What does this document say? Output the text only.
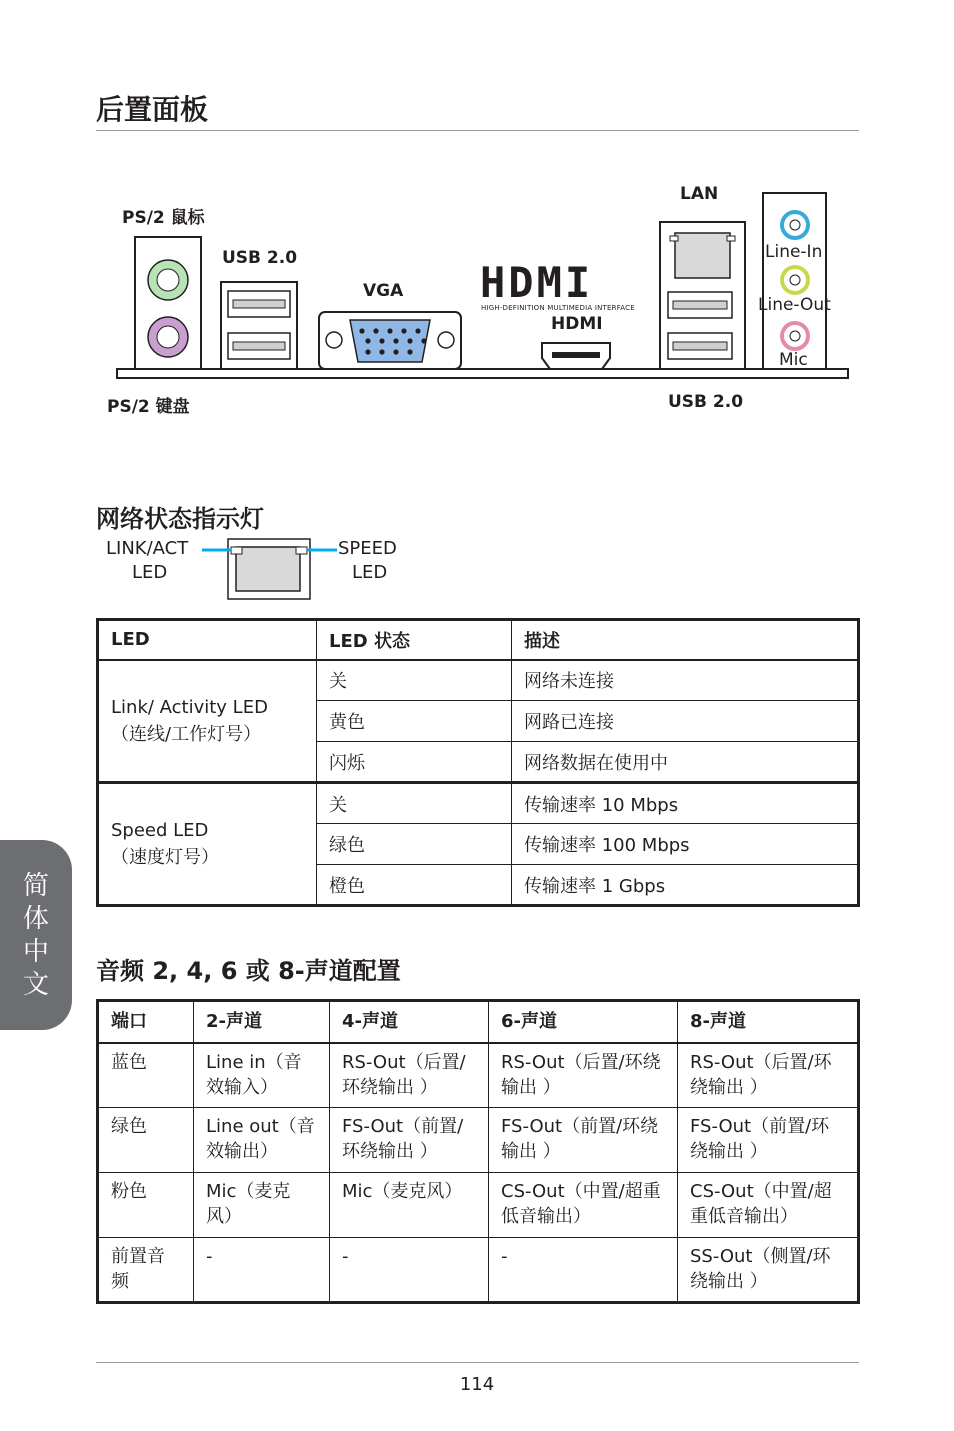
后置面板
PS/2 鼠标
PS/2 键盘
USB 2.0
VGA HDMI
HIGH-DEFINITION MULTIMEDIA INTERFACE
HDMI
LAN
USB 2.0
Line-In
Line-Out
Mic
网络状态指示灯
LINK/ACT
LED
SPEED
LED
LED	LED 状态	描述

Link/ Activity LED
（连线/工作灯号）	关	网络未连接
	黄色	网路已连接
	闪烁	网络数据在使用中

Speed LED
（速度灯号）	关	传输速率 10 Mbps
	绿色	传输速率 100 Mbps
	橙色	传输速率 1 Gbps
音频 2, 4, 6 或 8-声道配置
端口	2-声道	4-声道	6-声道	8-声道
蓝色	Line in（音效输入）	RS-Out（后置/环绕输出 ）	RS-Out（后置/环绕输出 ）	RS-Out（后置/环绕输出 ）
绿色	Line out（音效输出）	FS-Out（前置/环绕输出 ）	FS-Out（前置/环绕输出 ）	FS-Out（前置/环绕输出 ）
粉色	Mic（麦克风）	Mic（麦克风）	CS-Out（中置/超重低音输出）	CS-Out（中置/超重低音输出）
前置音频	-	-	-	SS-Out（侧置/环绕输出 ）
简体中文
114
